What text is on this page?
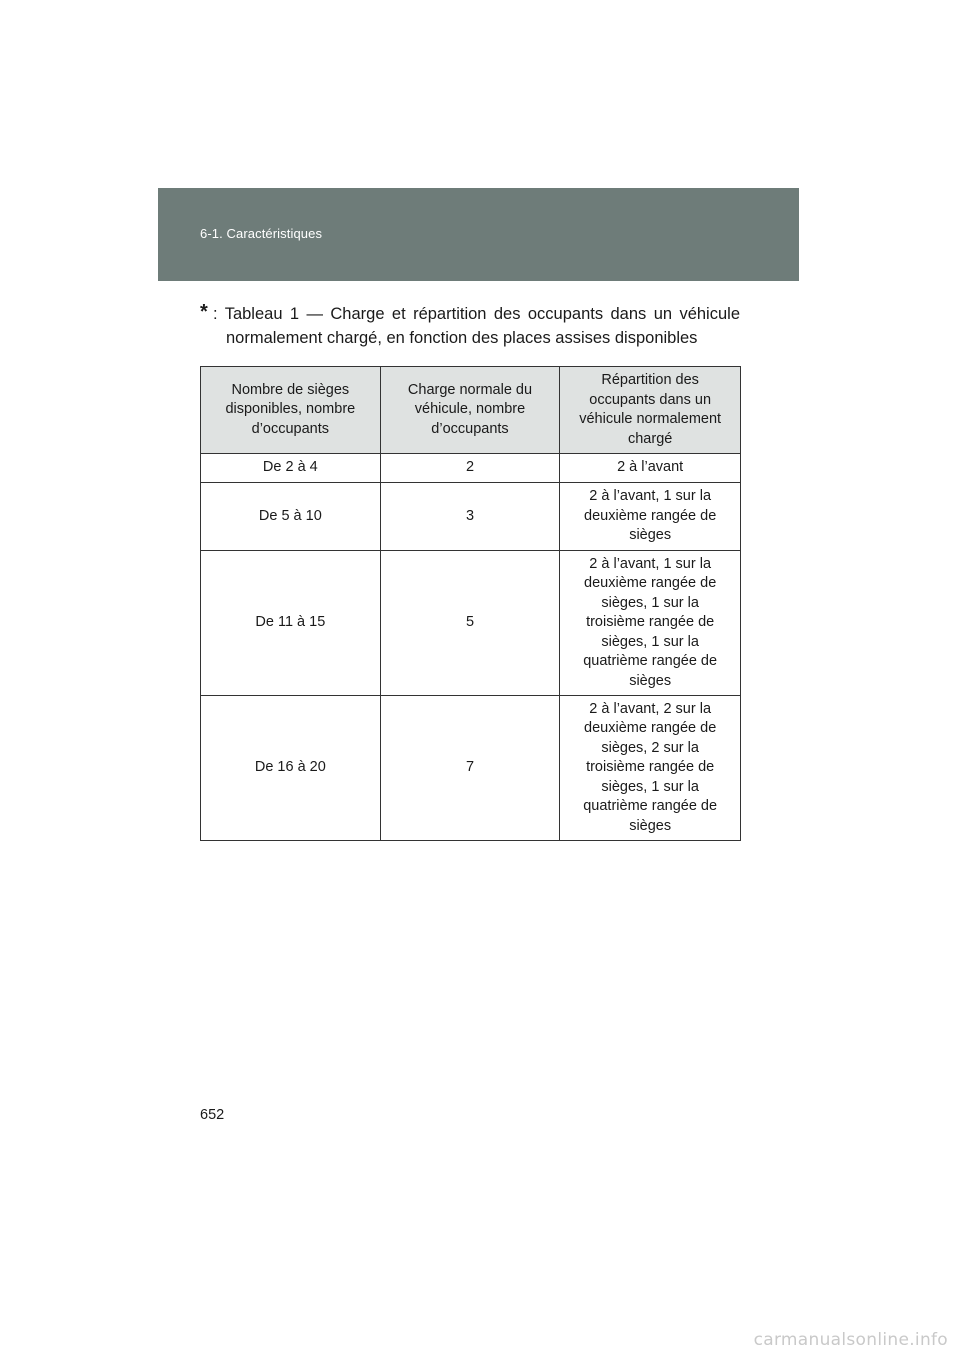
6-1. Caractéristiques
* : Tableau 1 — Charge et répartition des occupants dans un véhicule
normalement chargé, en fonction des places assises disponibles
Nombre de sièges disponibles, nombre d’occupants	Charge normale du véhicule, nombre d’occupants	Répartition des occupants dans un véhicule normalement chargé
De 2 à 4	2	2 à l’avant
De 5 à 10	3	2 à l’avant, 1 sur la deuxième rangée de sièges
De 11 à 15	5	2 à l’avant, 1 sur la deuxième rangée de sièges, 1 sur la troisième rangée de sièges, 1 sur la quatrième rangée de sièges
De 16 à 20	7	2 à l’avant, 2 sur la deuxième rangée de sièges, 2 sur la troisième rangée de sièges, 1 sur la quatrième rangée de sièges
652
carmanualsonline.info
